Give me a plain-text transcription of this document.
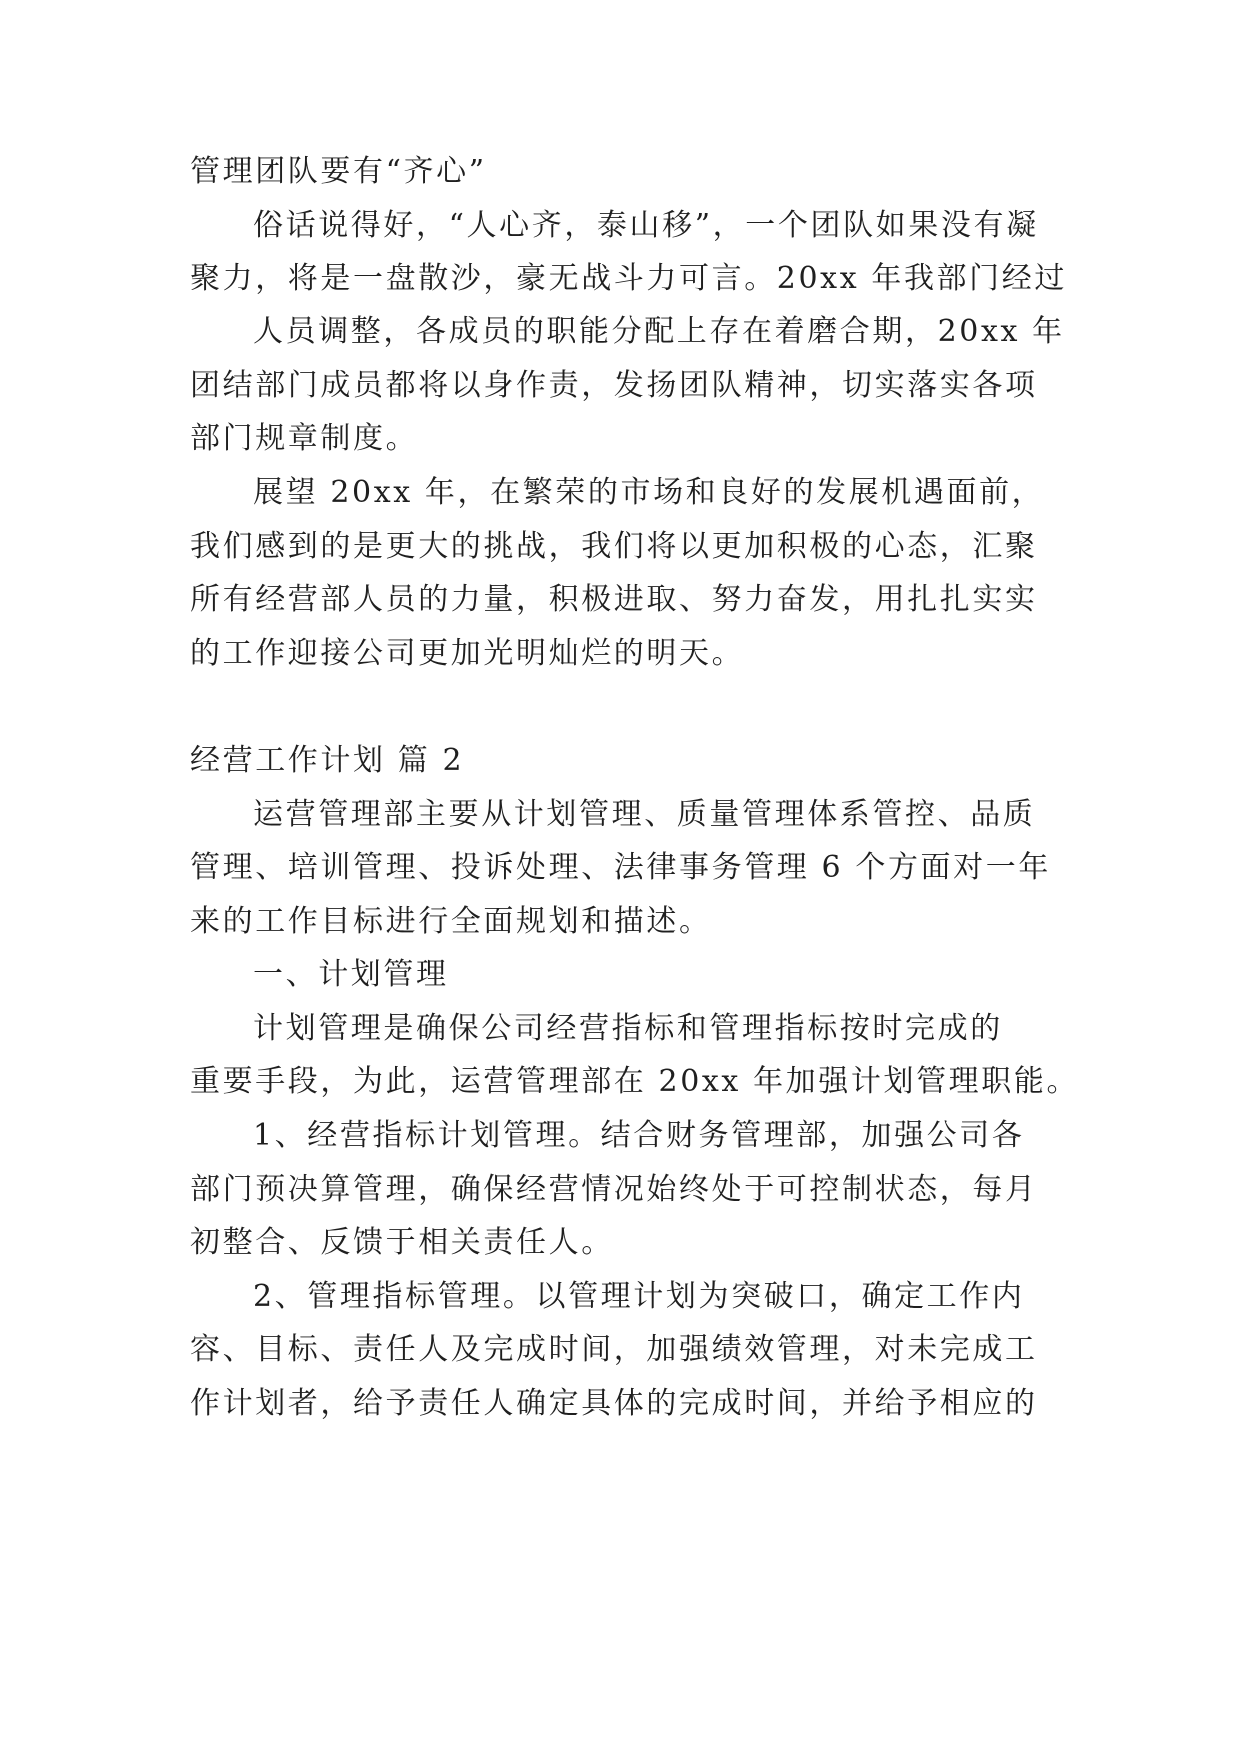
管理团队要有“齐心”
俗话说得好，“人心齐，泰山移”，一个团队如果没有凝
聚力，将是一盘散沙，豪无战斗力可言。20xx 年我部门经过
人员调整，各成员的职能分配上存在着磨合期，20xx 年
团结部门成员都将以身作责，发扬团队精神，切实落实各项
部门规章制度。
展望 20xx 年，在繁荣的市场和良好的发展机遇面前，
我们感到的是更大的挑战，我们将以更加积极的心态，汇聚
所有经营部人员的力量，积极进取、努力奋发，用扎扎实实
的工作迎接公司更加光明灿烂的明天。
经营工作计划 篇 2
运营管理部主要从计划管理、质量管理体系管控、品质
管理、培训管理、投诉处理、法律事务管理 6 个方面对一年
来的工作目标进行全面规划和描述。
一、计划管理
计划管理是确保公司经营指标和管理指标按时完成的
重要手段，为此，运营管理部在 20xx 年加强计划管理职能。
1、经营指标计划管理。结合财务管理部，加强公司各
部门预决算管理，确保经营情况始终处于可控制状态，每月
初整合、反馈于相关责任人。
2、管理指标管理。以管理计划为突破口，确定工作内
容、目标、责任人及完成时间，加强绩效管理，对未完成工
作计划者，给予责任人确定具体的完成时间，并给予相应的
